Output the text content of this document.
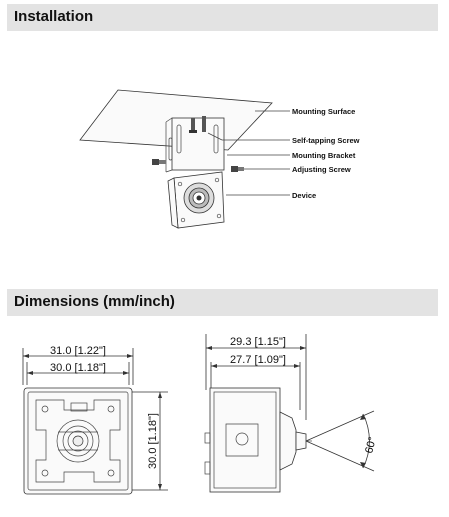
Installation
Dimensions (mm/inch)
Mounting Surface
Self-tapping Screw
Mounting Bracket
Adjusting Screw
Device
31.0 [1.22"]
30.0 [1.18"]
30.0 [1.18"]
29.3 [1.15"]
27.7 [1.09"]
60°
